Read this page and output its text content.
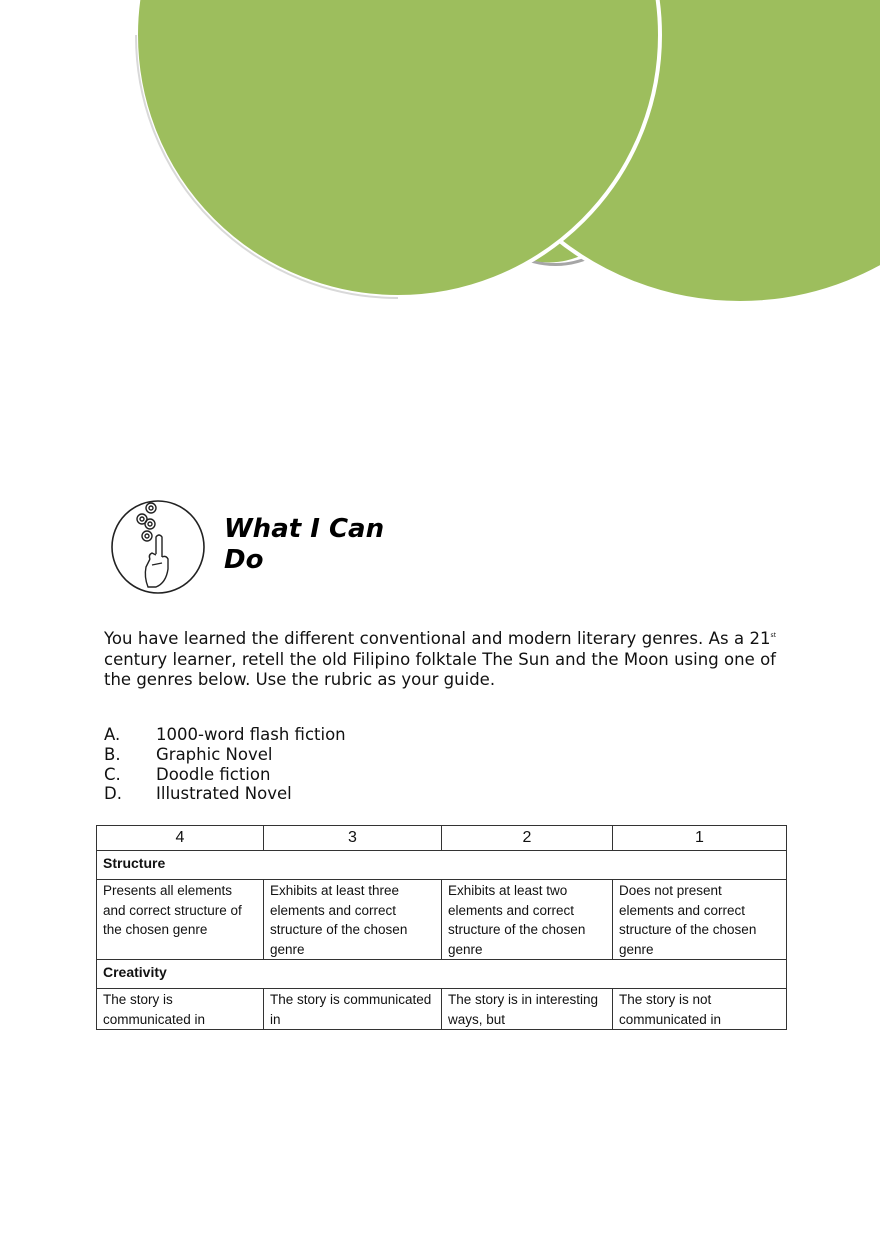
What I Can Do

You have learned the different conventional and modern literary genres. As a 21st century learner, retell the old Filipino folktale The Sun and the Moon using one of the genres below. Use the rubric as your guide.

A.	1000-word flash fiction
B.	Graphic Novel
C.	Doodle fiction
D.	Illustrated Novel
4	3	2	1
Structure			
Presents all elements and correct structure of the chosen genre	Exhibits at least three elements and correct structure of the chosen genre	Exhibits at least two elements and correct structure of the chosen genre	Does not present elements and correct structure of the chosen genre
Creativity			
The story is communicated in	The story is communicated in	The story is in interesting ways, but	The story is not communicated in
